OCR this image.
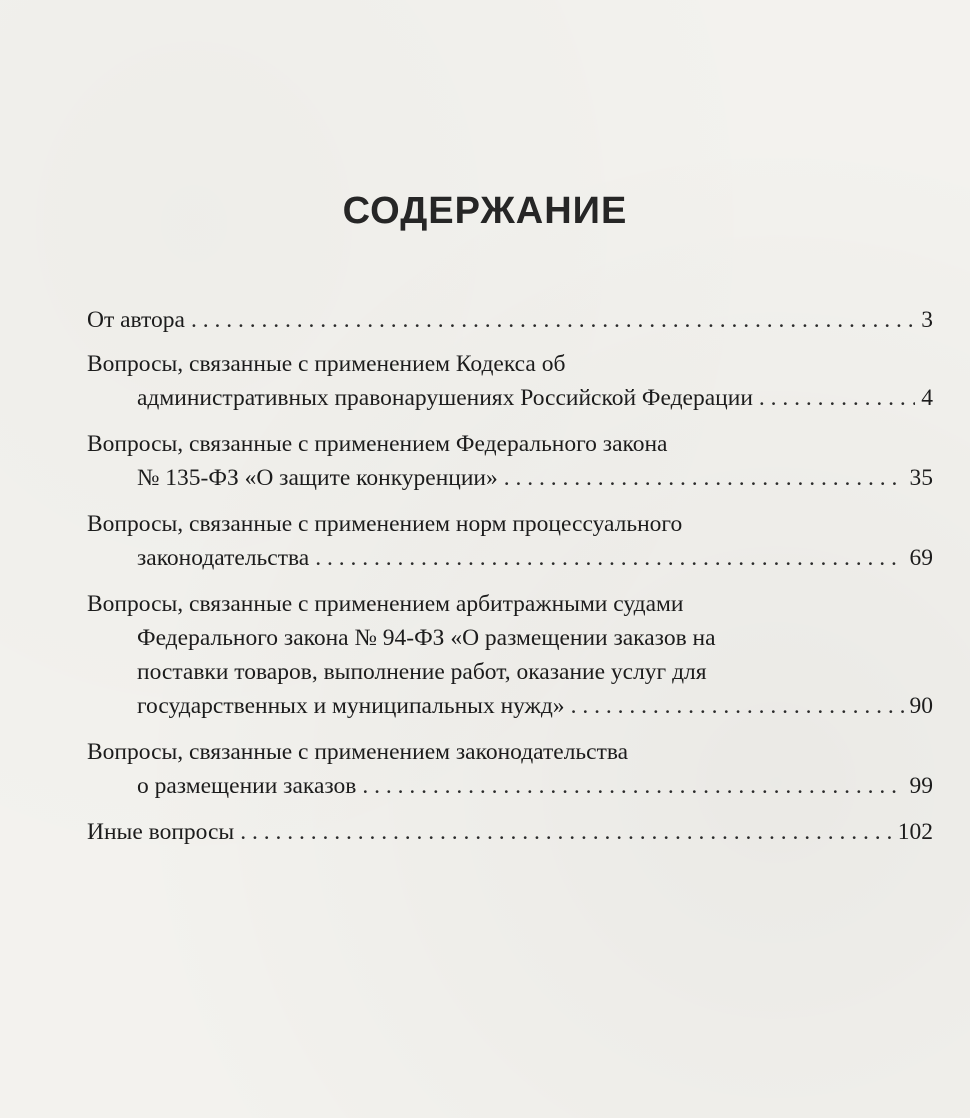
СОДЕРЖАНИЕ
От автора . . .	3
Вопросы, связанные с применением Кодекса об
административных правонарушениях Российской Федерации . . .	4
Вопросы, связанные с применением Федерального закона
№ 135-ФЗ «О защите конкуренции» . . .	35
Вопросы, связанные с применением норм процессуального
законодательства . . .	69
Вопросы, связанные с применением арбитражными судами
Федерального закона № 94-ФЗ «О размещении заказов на
поставки товаров, выполнение работ, оказание услуг для
государственных и муниципальных нужд» . . .	90
Вопросы, связанные с применением законодательства
о размещении заказов . . .	99
Иные вопросы . . .	102
